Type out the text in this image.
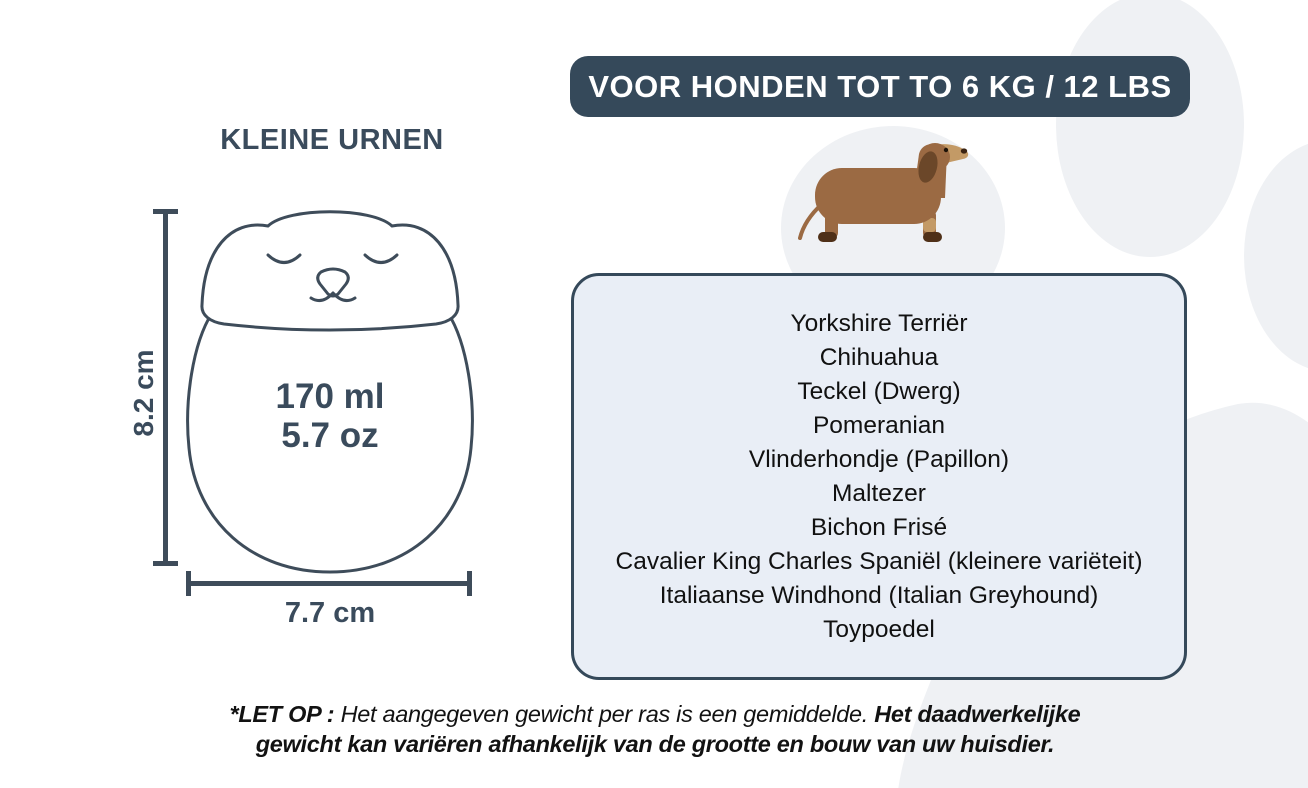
KLEINE URNEN
170 ml
5.7 oz
8.2 cm
7.7 cm
VOOR HONDEN TOT TO 6 KG / 12 LBS
Yorkshire Terriër
Chihuahua
Teckel (Dwerg)
Pomeranian
Vlinderhondje (Papillon)
Maltezer
Bichon Frisé
Cavalier King Charles Spaniël (kleinere variëteit)
Italiaanse Windhond (Italian Greyhound)
Toypoedel
*LET OP : Het aangegeven gewicht per ras is een gemiddelde. Het daadwerkelijke gewicht kan variëren afhankelijk van de grootte en bouw van uw huisdier.
